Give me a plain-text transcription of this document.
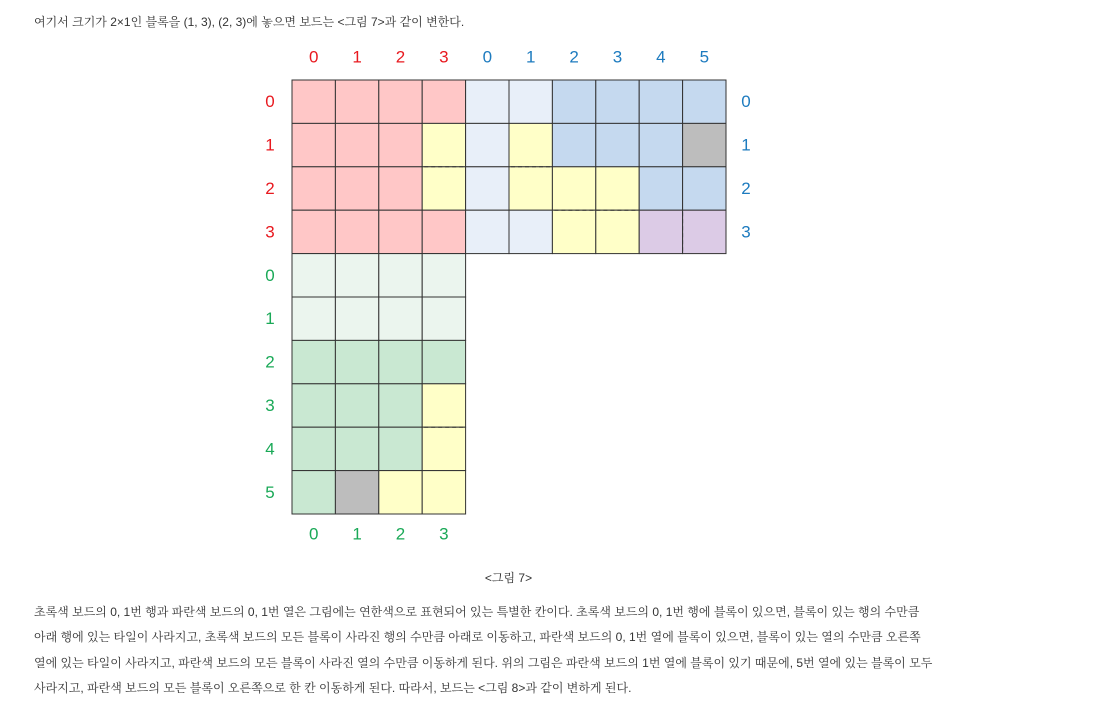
여기서 크기가 2×1인 블록을 (1, 3), (2, 3)에 놓으면 보드는 <그림 7>과 같이 변한다.

0 1 2 3 0 1 2 3 4 5
0
1
2
3
0
1
2
3
4
5
0
1
2
3
0 1 2 3
<그림 7>
초록색 보드의 0, 1번 행과 파란색 보드의 0, 1번 열은 그림에는 연한색으로 표현되어 있는 특별한 칸이다. 초록색 보드의 0, 1번 행에 블록이 있으면, 블록이 있는 행의 수만큼
아래 행에 있는 타일이 사라지고, 초록색 보드의 모든 블록이 사라진 행의 수만큼 아래로 이동하고, 파란색 보드의 0, 1번 열에 블록이 있으면, 블록이 있는 열의 수만큼 오른쪽
열에 있는 타일이 사라지고, 파란색 보드의 모든 블록이 사라진 열의 수만큼 이동하게 된다. 위의 그림은 파란색 보드의 1번 열에 블록이 있기 때문에, 5번 열에 있는 블록이 모두
사라지고, 파란색 보드의 모든 블록이 오른쪽으로 한 칸 이동하게 된다. 따라서, 보드는 <그림 8>과 같이 변하게 된다.
